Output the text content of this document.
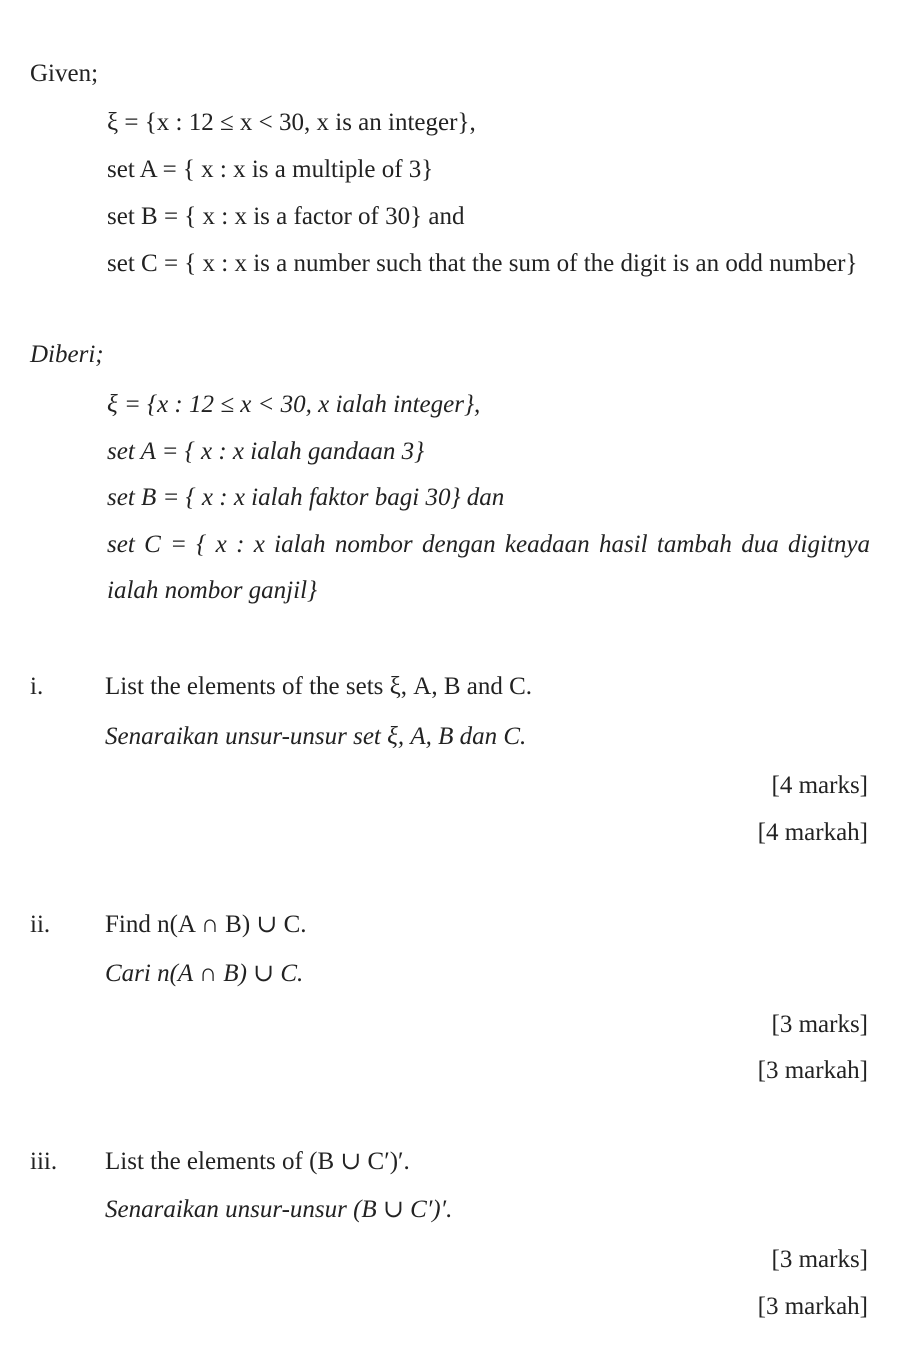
Given;
ξ = {x : 12 ≤ x < 30, x is an integer},
set A = { x : x is a multiple of 3}
set B = { x : x is a factor of 30} and
set C = { x : x is a number such that the sum of the digit is an odd number}
Diberi;
ξ = {x : 12 ≤ x < 30, x ialah integer},
set A = { x : x ialah gandaan 3}
set B = { x : x ialah faktor bagi 30} dan
set C = { x : x ialah nombor dengan keadaan hasil tambah dua digitnya ialah nombor ganjil}
i. List the elements of the sets ξ, A, B and C.
Senaraikan unsur-unsur set ξ, A, B dan C.
[4 marks]
[4 markah]
ii. Find n(A ∩ B) ∪ C.
Cari n(A ∩ B) ∪ C.
[3 marks]
[3 markah]
iii. List the elements of (B ∪ C′)′.
Senaraikan unsur-unsur (B ∪ C′)′.
[3 marks]
[3 markah]
